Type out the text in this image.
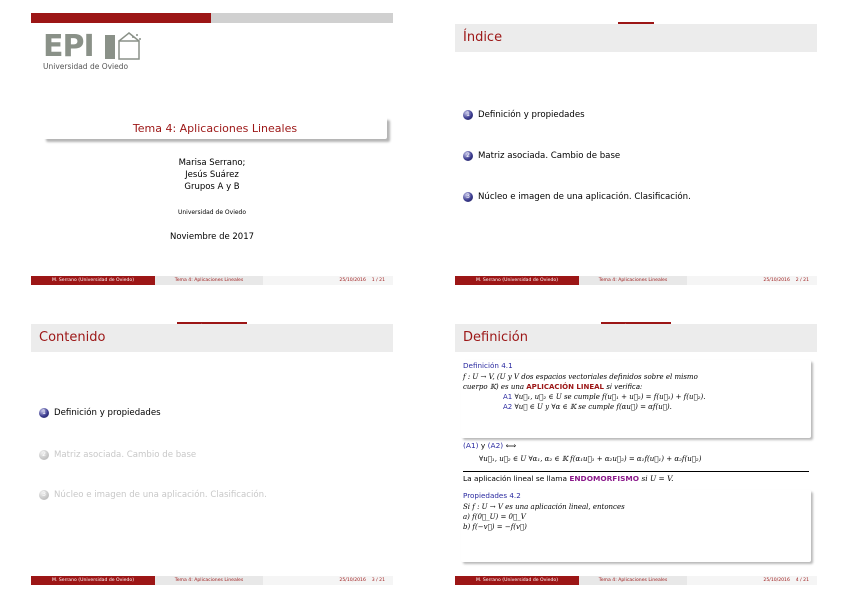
EPI
Universidad de Oviedo
Tema 4: Aplicaciones Lineales
Marisa Serrano;
Jesús Suárez
Grupos A y B
Universidad de Oviedo
Noviembre de 2017
M. Serrano (Universidad de Oviedo)	Tema 4: Aplicaciones Lineales	25/10/2016 1 / 21
Índice
1 Definición y propiedades
2 Matriz asociada. Cambio de base
3 Núcleo e imagen de una aplicación. Clasificación.
M. Serrano (Universidad de Oviedo)	Tema 4: Aplicaciones Lineales	25/10/2016 2 / 21
Contenido
1 Definición y propiedades
2 Matriz asociada. Cambio de base
3 Núcleo e imagen de una aplicación. Clasificación.
M. Serrano (Universidad de Oviedo)	Tema 4: Aplicaciones Lineales	25/10/2016 3 / 21
Definición
Definición 4.1
f : U → V, (U y V dos espacios vectoriales definidos sobre el mismo
cuerpo 𝕂) es una APLICACIÓN LINEAL si verifica:
A1 ∀u⃗₁, u⃗₂ ∈ U se cumple f(u⃗₁ + u⃗₂) = f(u⃗₁) + f(u⃗₂).
A2 ∀u⃗ ∈ U y ∀α ∈ 𝕂 se cumple f(αu⃗) = αf(u⃗).
(A1) y (A2) ⟺
∀u⃗₁, u⃗₂ ∈ U ∀α₁, α₂ ∈ 𝕂 f(α₁u⃗₁ + α₂u⃗₂) = α₁f(u⃗₁) + α₂f(u⃗₂)
La aplicación lineal se llama ENDOMORFISMO si U = V.
Propiedades 4.2
Si f : U → V es una aplicación lineal, entonces
a) f(0⃗_U) = 0⃗_V
b) f(−v⃗) = −f(v⃗)
M. Serrano (Universidad de Oviedo)	Tema 4: Aplicaciones Lineales	25/10/2016 4 / 21
